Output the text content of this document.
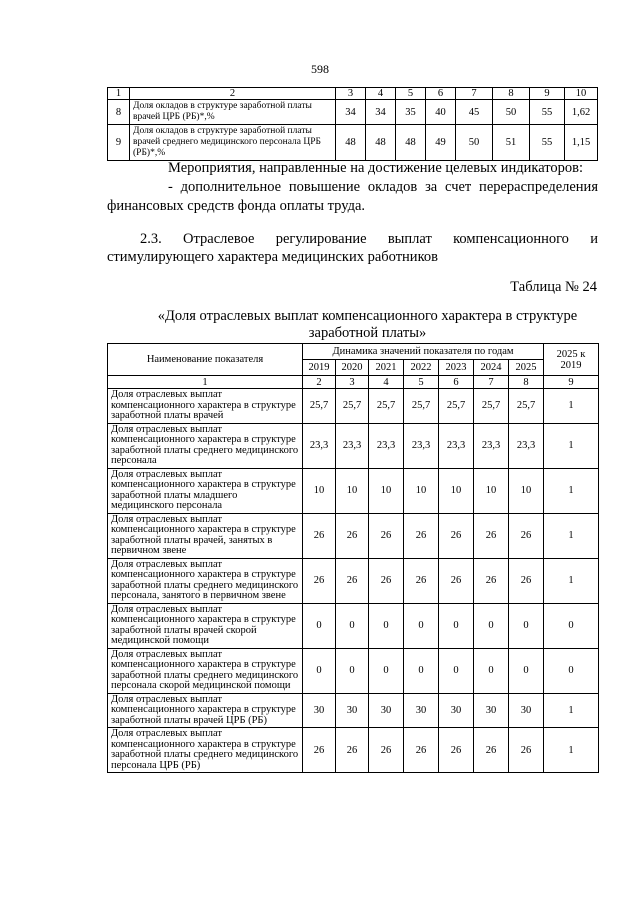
598
1	2	3	4	5	6	7	8	9	10
8	Доля окладов в структуре заработной платы врачей ЦРБ (РБ)*,%	34	34	35	40	45	50	55	1,62
9	Доля окладов в структуре заработной платы врачей среднего медицинского персонала ЦРБ (РБ)*,%	48	48	48	49	50	51	55	1,15
Мероприятия, направленные на достижение целевых индикаторов:
- дополнительное повышение окладов за счет перераспределения
финансовых средств фонда оплаты труда.
2.3. Отраслевое регулирование выплат компенсационного и
стимулирующего характера медицинских работников
Таблица № 24
«Доля отраслевых выплат компенсационного характера в структуре заработной платы»
Наименование показателя	Динамика значений показателя по годам							2025 к 2019
	2019	2020	2021	2022	2023	2024	2025	
1	2	3	4	5	6	7	8	9
Доля отраслевых выплат компенсационного характера в структуре заработной платы врачей	25,7	25,7	25,7	25,7	25,7	25,7	25,7	1
Доля отраслевых выплат компенсационного характера в структуре заработной платы среднего медицинского персонала	23,3	23,3	23,3	23,3	23,3	23,3	23,3	1
Доля отраслевых выплат компенсационного характера в структуре заработной платы младшего медицинского персонала	10	10	10	10	10	10	10	1
Доля отраслевых выплат компенсационного характера в структуре заработной платы врачей, занятых в первичном звене	26	26	26	26	26	26	26	1
Доля отраслевых выплат компенсационного характера в структуре заработной платы среднего медицинского персонала, занятого в первичном звене	26	26	26	26	26	26	26	1
Доля отраслевых выплат компенсационного характера в структуре заработной платы врачей скорой медицинской помощи	0	0	0	0	0	0	0	0
Доля отраслевых выплат компенсационного характера в структуре заработной платы среднего медицинского персонала скорой медицинской помощи	0	0	0	0	0	0	0	0
Доля отраслевых выплат компенсационного характера в структуре заработной платы врачей ЦРБ (РБ)	30	30	30	30	30	30	30	1
Доля отраслевых выплат компенсационного характера в структуре заработной платы среднего медицинского персонала ЦРБ (РБ)	26	26	26	26	26	26	26	1
